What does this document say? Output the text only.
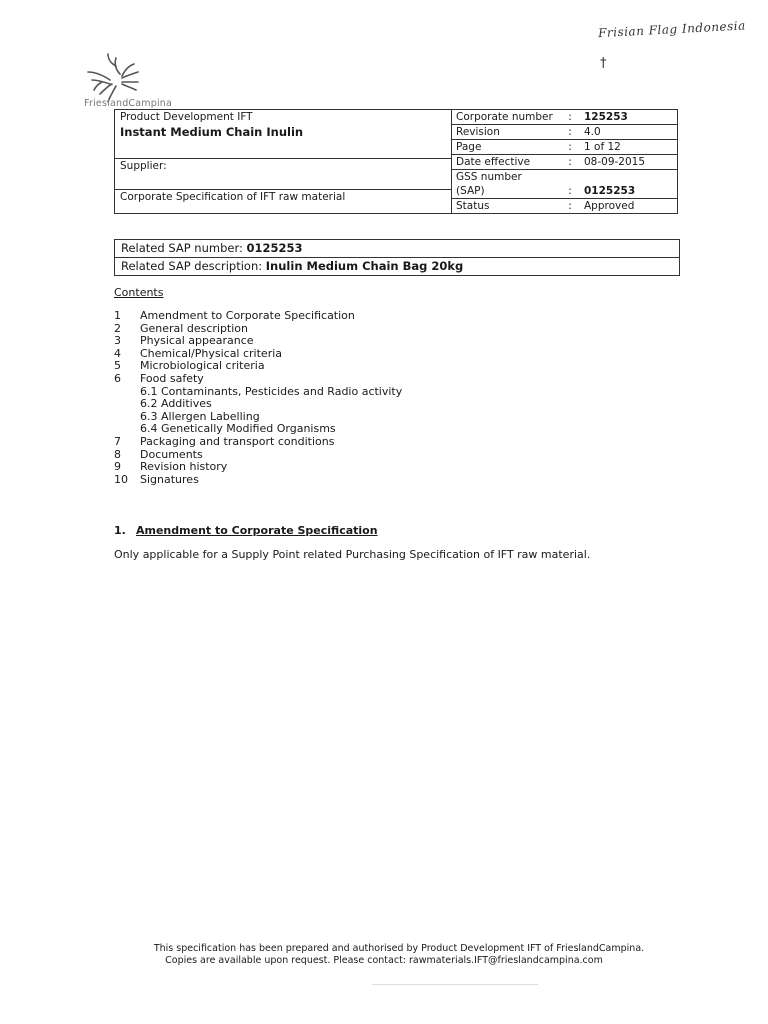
Frisian Flag Indonesia
†
FrieslandCampina
Product Development IFT
Instant Medium Chain Inulin

Corporate number	:	125253
Revision	:	4.0
Page	:	1 of 12
Date effective	:	08-09-2015

GSS number
(SAP)	:	0125253
Status	:	Approved

Supplier:
Corporate Specification of IFT raw material
Related SAP number: 0125253
Related SAP description: Inulin Medium Chain Bag 20kg
Contents
1	Amendment to Corporate Specification
2	General description
3	Physical appearance
4	Chemical/Physical criteria
5	Microbiological criteria
6	Food safety
6.1 Contaminants, Pesticides and Radio activity
6.2 Additives
6.3 Allergen Labelling
6.4 Genetically Modified Organisms
7	Packaging and transport conditions
8	Documents
9	Revision history
10	Signatures
1. Amendment to Corporate Specification
Only applicable for a Supply Point related Purchasing Specification of IFT raw material.
This specification has been prepared and authorised by Product Development IFT of FrieslandCampina.
Copies are available upon request. Please contact: rawmaterials.IFT@frieslandcampina.com
